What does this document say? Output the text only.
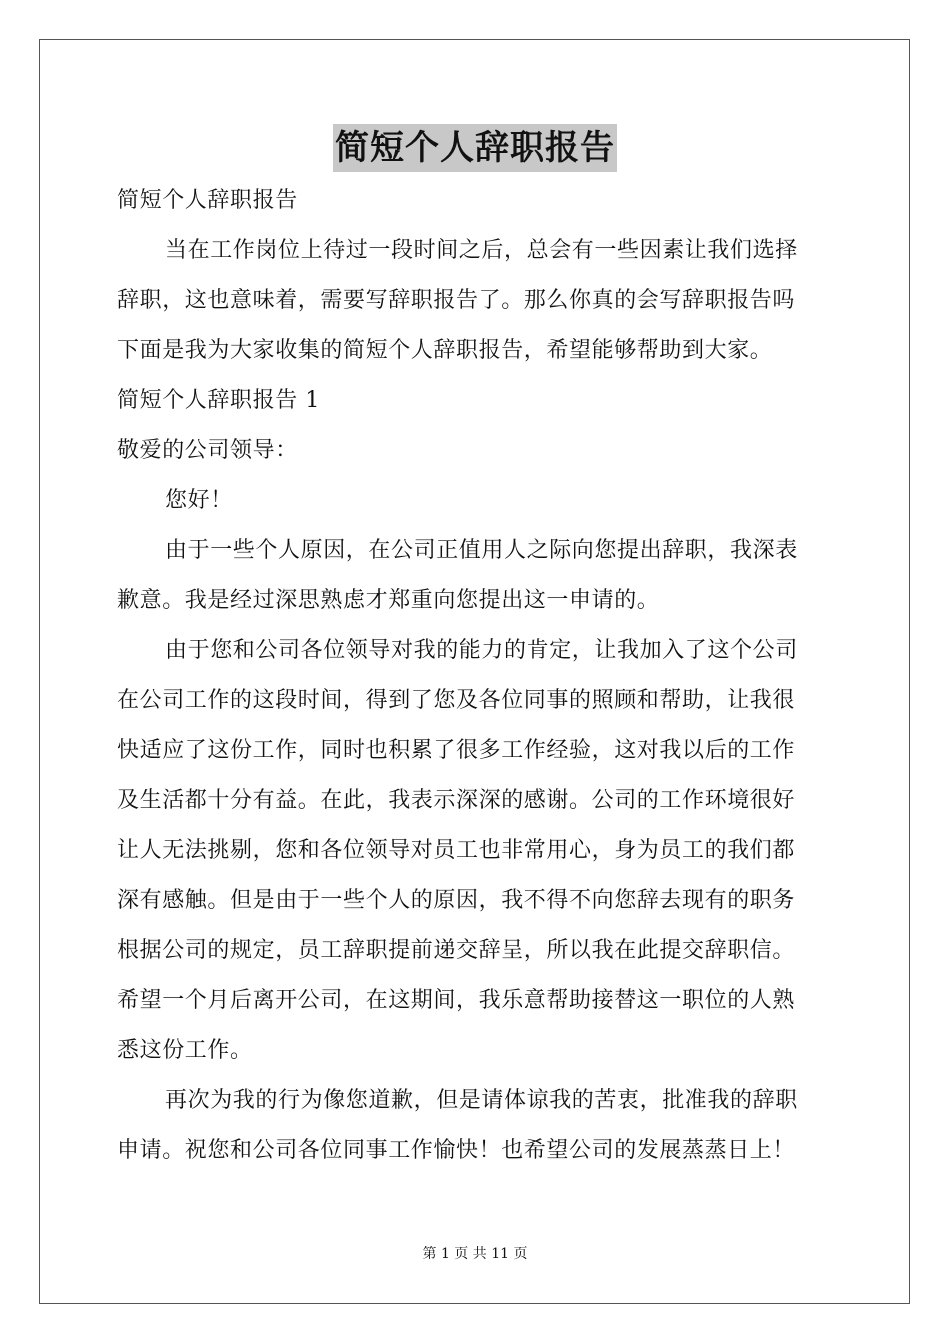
简短个人辞职报告
简短个人辞职报告
当在工作岗位上待过一段时间之后，总会有一些因素让我们选择
辞职，这也意味着，需要写辞职报告了。那么你真的会写辞职报告吗
下面是我为大家收集的简短个人辞职报告，希望能够帮助到大家。
简短个人辞职报告 1
敬爱的公司领导：
您好！
由于一些个人原因，在公司正值用人之际向您提出辞职，我深表
歉意。我是经过深思熟虑才郑重向您提出这一申请的。
由于您和公司各位领导对我的能力的肯定，让我加入了这个公司
在公司工作的这段时间，得到了您及各位同事的照顾和帮助，让我很
快适应了这份工作，同时也积累了很多工作经验，这对我以后的工作
及生活都十分有益。在此，我表示深深的感谢。公司的工作环境很好
让人无法挑剔，您和各位领导对员工也非常用心，身为员工的我们都
深有感触。但是由于一些个人的原因，我不得不向您辞去现有的职务
根据公司的规定，员工辞职提前递交辞呈，所以我在此提交辞职信。
希望一个月后离开公司，在这期间，我乐意帮助接替这一职位的人熟
悉这份工作。
再次为我的行为像您道歉，但是请体谅我的苦衷，批准我的辞职
申请。祝您和公司各位同事工作愉快！也希望公司的发展蒸蒸日上！
第 1 页 共 11 页
